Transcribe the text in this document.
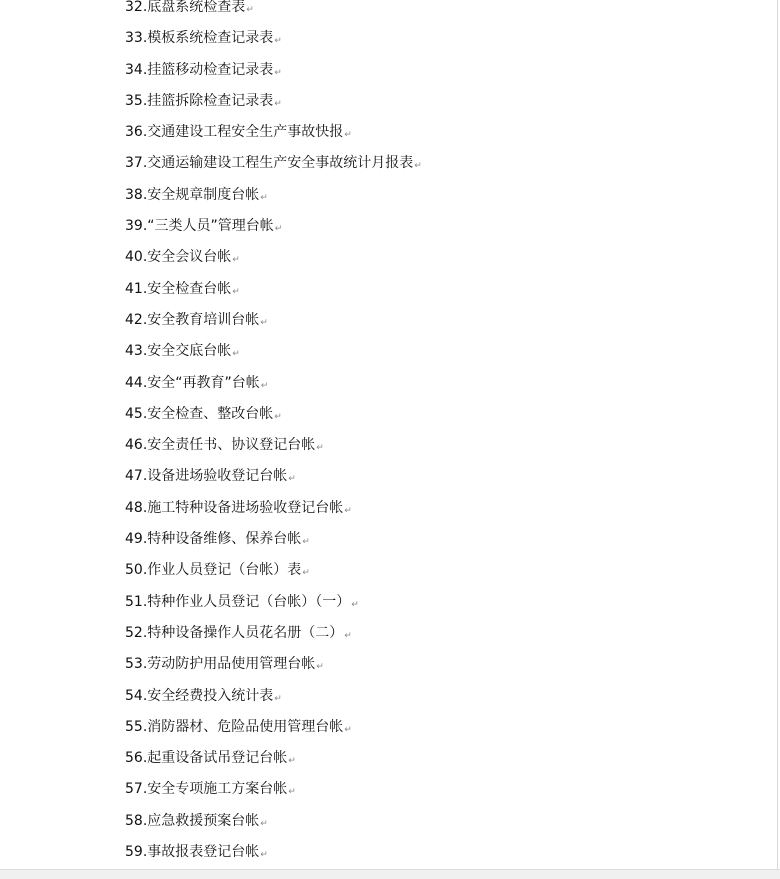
32.底盘系统检查表↵
33.模板系统检查记录表↵
34.挂篮移动检查记录表↵
35.挂篮拆除检查记录表↵
36.交通建设工程安全生产事故快报↵
37.交通运输建设工程生产安全事故统计月报表↵
38.安全规章制度台帐↵
39.“三类人员”管理台帐↵
40.安全会议台帐↵
41.安全检查台帐↵
42.安全教育培训台帐↵
43.安全交底台帐↵
44.安全“再教育”台帐↵
45.安全检查、整改台帐↵
46.安全责任书、协议登记台帐↵
47.设备进场验收登记台帐↵
48.施工特种设备进场验收登记台帐↵
49.特种设备维修、保养台帐↵
50.作业人员登记（台帐）表↵
51.特种作业人员登记（台帐）（一）↵
52.特种设备操作人员花名册（二）↵
53.劳动防护用品使用管理台帐↵
54.安全经费投入统计表↵
55.消防器材、危险品使用管理台帐↵
56.起重设备试吊登记台帐↵
57.安全专项施工方案台帐↵
58.应急救援预案台帐↵
59.事故报表登记台帐↵
